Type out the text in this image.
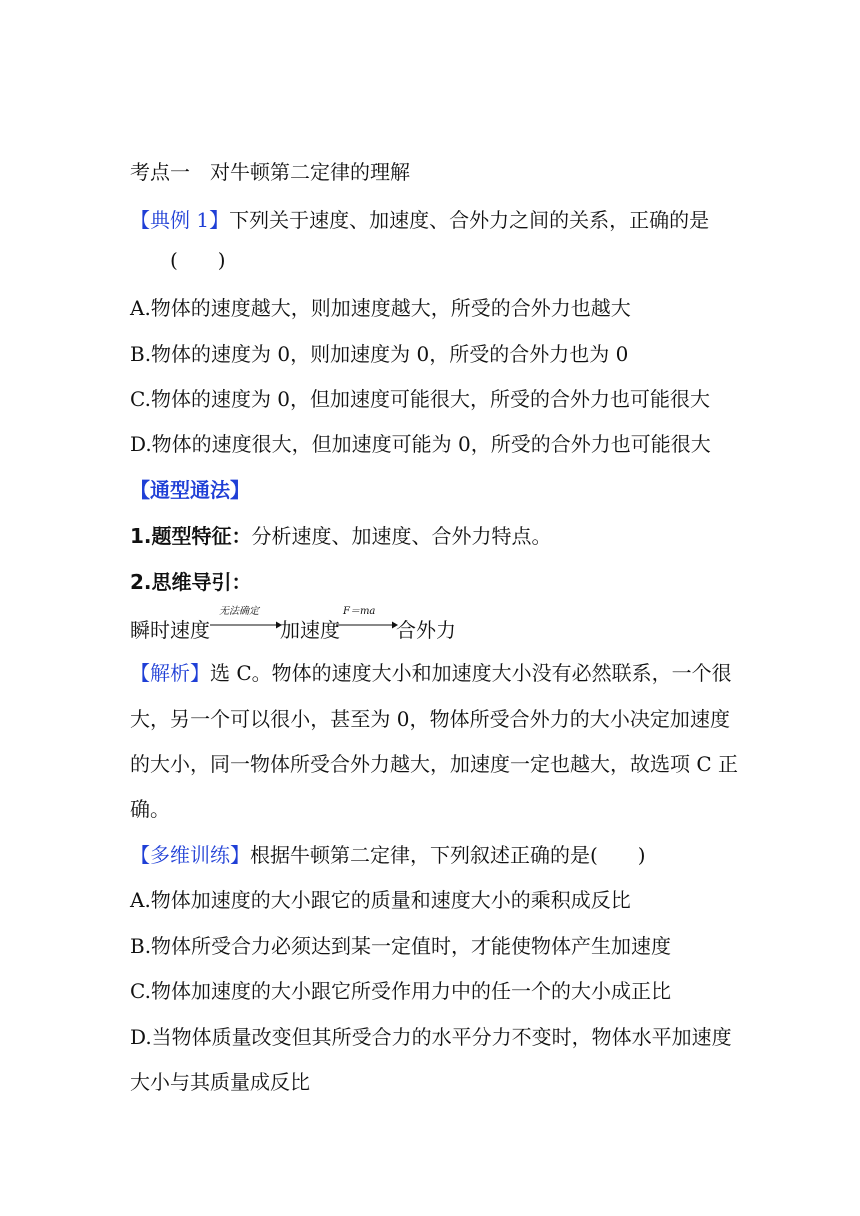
考点一　对牛顿第二定律的理解
【典例 1】下列关于速度、加速度、合外力之间的关系，正确的是
(　　)
A.物体的速度越大，则加速度越大，所受的合外力也越大
B.物体的速度为 0，则加速度为 0，所受的合外力也为 0
C.物体的速度为 0，但加速度可能很大，所受的合外力也可能很大
D.物体的速度很大，但加速度可能为 0，所受的合外力也可能很大
【通型通法】
1.题型特征：分析速度、加速度、合外力特点。
2.思维导引：
瞬时速度
无法确定
加速度
F＝ma
合外力
【解析】选 C。物体的速度大小和加速度大小没有必然联系，一个很
大，另一个可以很小，甚至为 0，物体所受合外力的大小决定加速度
的大小，同一物体所受合外力越大，加速度一定也越大，故选项 C 正
确。
【多维训练】根据牛顿第二定律，下列叙述正确的是(　　)
A.物体加速度的大小跟它的质量和速度大小的乘积成反比
B.物体所受合力必须达到某一定值时，才能使物体产生加速度
C.物体加速度的大小跟它所受作用力中的任一个的大小成正比
D.当物体质量改变但其所受合力的水平分力不变时，物体水平加速度
大小与其质量成反比
